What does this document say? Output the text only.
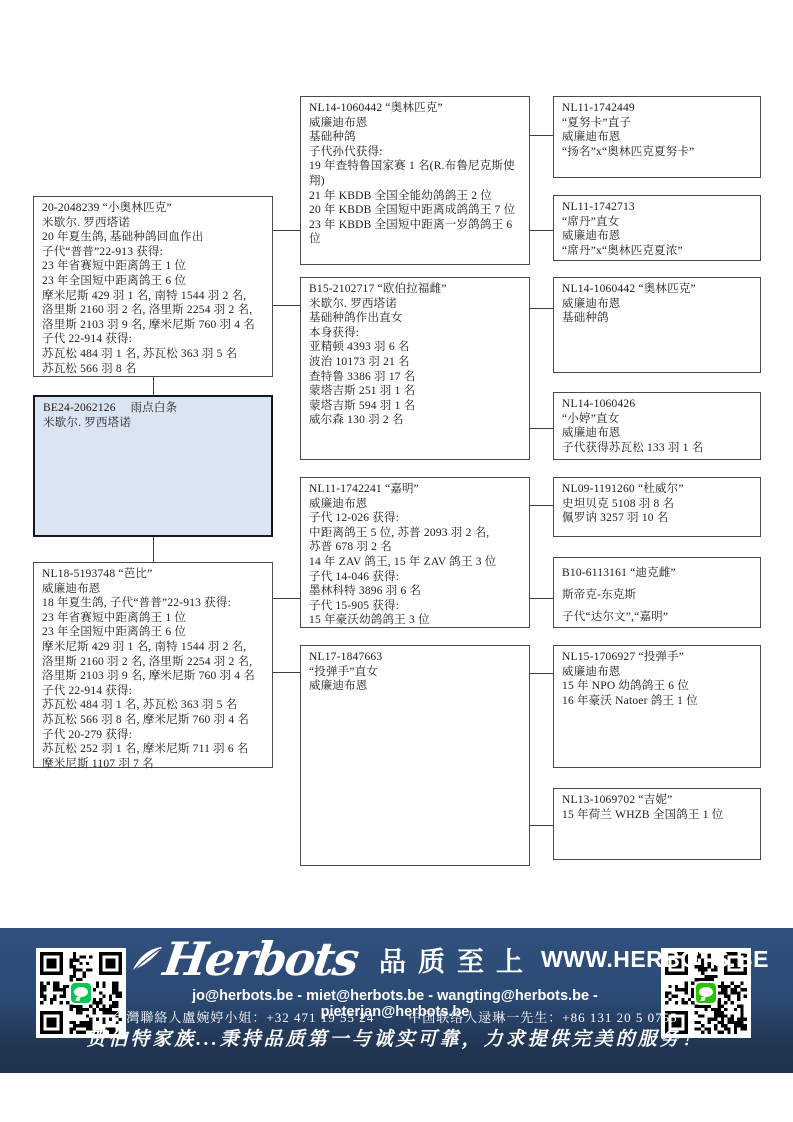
20-2048239 “小奥林匹克”
米歇尔. 罗西塔诺
20 年夏生鸽, 基础种鸽回血作出
子代“普普”22-913 获得:
23 年省赛短中距离鸽王 1 位
23 年全国短中距离鸽王 6 位
摩米尼斯 429 羽 1 名, 南特 1544 羽 2 名,
洛里斯 2160 羽 2 名, 洛里斯 2254 羽 2 名,
洛里斯 2103 羽 9 名, 摩米尼斯 760 羽 4 名
子代 22-914 获得:
苏瓦松 484 羽 1 名, 苏瓦松 363 羽 5 名
苏瓦松 566 羽 8 名
BE24-2062126　 雨点白条
米歇尔. 罗西塔诺
NL18-5193748 “芭比”
威廉迪布恩
18 年夏生鸽, 子代“普普”22-913 获得:
23 年省赛短中距离鸽王 1 位
23 年全国短中距离鸽王 6 位
摩米尼斯 429 羽 1 名, 南特 1544 羽 2 名,
洛里斯 2160 羽 2 名, 洛里斯 2254 羽 2 名,
洛里斯 2103 羽 9 名, 摩米尼斯 760 羽 4 名
子代 22-914 获得:
苏瓦松 484 羽 1 名, 苏瓦松 363 羽 5 名
苏瓦松 566 羽 8 名, 摩米尼斯 760 羽 4 名
子代 20-279 获得:
苏瓦松 252 羽 1 名, 摩米尼斯 711 羽 6 名
摩米尼斯 1107 羽 7 名
NL14-1060442 “奥林匹克”
威廉迪布恩
基础种鸽
子代孙代获得:
19 年查特鲁国家赛 1 名(R.布鲁尼克斯使翔)
21 年 KBDB 全国全能幼鸽鸽王 2 位
20 年 KBDB 全国短中距离成鸽鸽王 7 位
23 年 KBDB 全国短中距离一岁鸽鸽王 6 位
B15-2102717 “欧伯拉福雌”
米歇尔. 罗西塔诺
基础种鸽作出直女
本身获得:
亚精顿 4393 羽 6 名
波治 10173 羽 21 名
查特鲁 3386 羽 17 名
蒙塔吉斯 251 羽 1 名
蒙塔吉斯 594 羽 1 名
威尔森 130 羽 2 名
NL11-1742241 “嘉明”
威廉迪布恩
子代 12-026 获得:
中距离鸽王 5 位, 苏普 2093 羽 2 名,
苏普 678 羽 2 名
14 年 ZAV 鸽王, 15 年 ZAV 鸽王 3 位
子代 14-046 获得:
墨林科特 3896 羽 6 名
子代 15-905 获得:
15 年豪沃幼鸽鸽王 3 位
NL17-1847663
“投弹手”直女
威廉迪布恩
NL11-1742449
“夏努卡”直子
威廉迪布恩
“扬名”x“奥林匹克夏努卡”
NL11-1742713
“席丹”直女
威廉迪布恩
“席丹”x“奥林匹克夏浓”
NL14-1060442 “奥林匹克”
威廉迪布恩
基础种鸽
NL14-1060426
“小婷”直女
威廉迪布恩
子代获得苏瓦松 133 羽 1 名
NL09-1191260 “杜威尔”
史坦贝克 5108 羽 8 名
佩罗讷 3257 羽 10 名
B10-6113161 “迪克雌”
斯帝克-东克斯
子代“达尔文”,“嘉明”
NL15-1706927 “投弹手”
威廉迪布恩
15 年 NPO 幼鸽鸽王 6 位
16 年豪沃 Natoer 鸽王 1 位
NL13-1069702 “吉妮”
15 年荷兰 WHZB 全国鸽王 1 位
Herbots 品质至上 WWW.HERBOTS.BE
jo@herbots.be - miet@herbots.be - wangting@herbots.be - pieterjan@herbots.be
台灣聯絡人盧婉婷小姐：+32 471 19 55 24	中国联络人逯琳一先生：+86 131 20 5 0755
贺伯特家族...秉持品质第一与诚实可靠，力求提供完美的服务！
